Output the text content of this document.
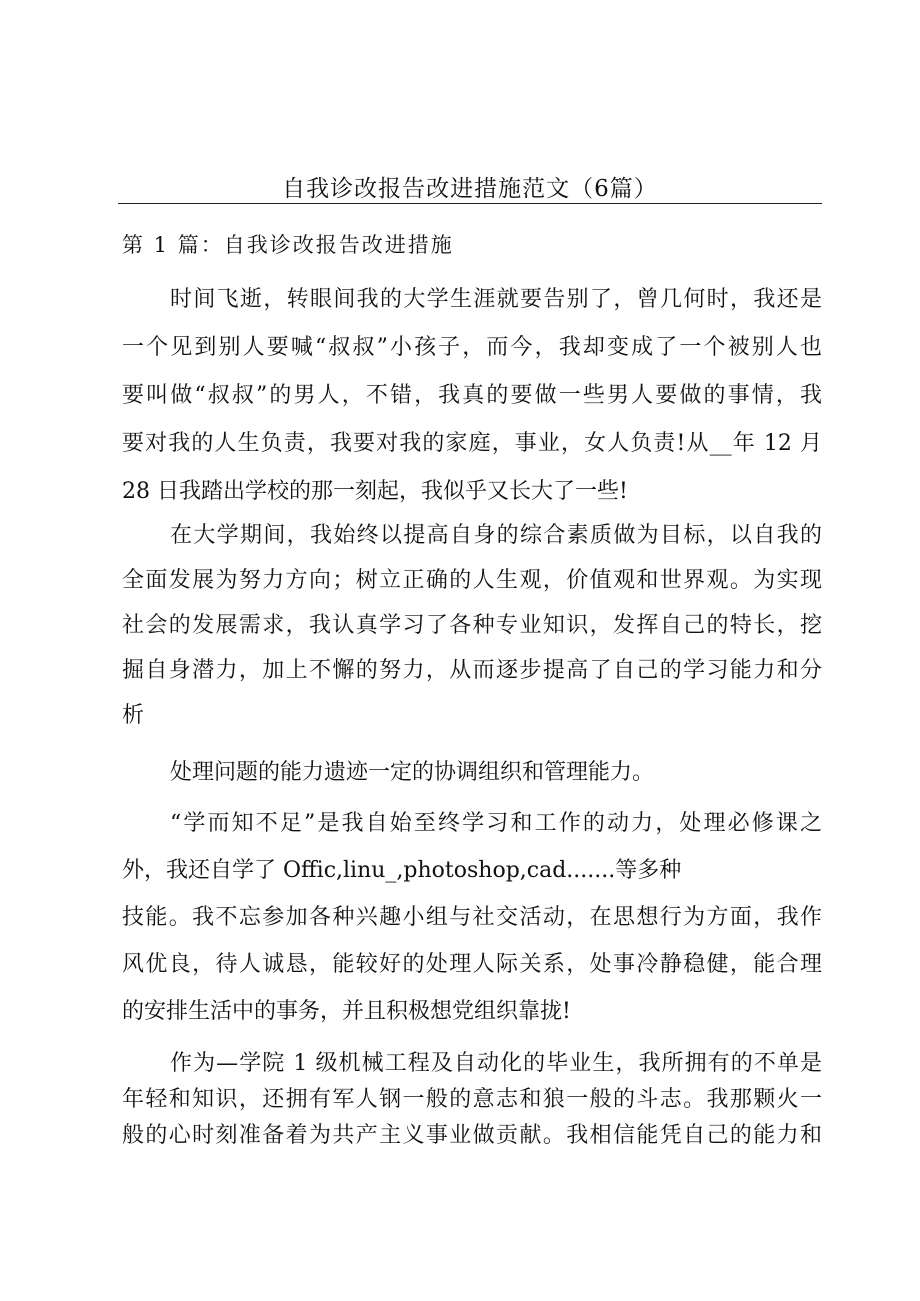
自我诊改报告改进措施范文（6篇）
第 1 篇：自我诊改报告改进措施
时间飞逝，转眼间我的大学生涯就要告别了，曾几何时，我还是
一个见到别人要喊“叔叔”小孩子，而今，我却变成了一个被别人也
要叫做“叔叔”的男人，不错，我真的要做一些男人要做的事情，我
要对我的人生负责，我要对我的家庭，事业，女人负责!从__年 12 月
28 日我踏出学校的那一刻起，我似乎又长大了一些!
在大学期间，我始终以提高自身的综合素质做为目标，以自我的
全面发展为努力方向；树立正确的人生观，价值观和世界观。为实现
社会的发展需求，我认真学习了各种专业知识，发挥自己的特长，挖
掘自身潜力，加上不懈的努力，从而逐步提高了自己的学习能力和分
析
处理问题的能力遗迹一定的协调组织和管理能力。
“学而知不足”是我自始至终学习和工作的动力，处理必修课之
外，我还自学了 Offic,linu_,photoshop,cad.......等多种
技能。我不忘参加各种兴趣小组与社交活动，在思想行为方面，我作
风优良，待人诚恳，能较好的处理人际关系，处事冷静稳健，能合理
的安排生活中的事务，并且积极想党组织靠拢!
作为—学院 1 级机械工程及自动化的毕业生，我所拥有的不单是
年轻和知识，还拥有军人钢一般的意志和狼一般的斗志。我那颗火一
般的心时刻准备着为共产主义事业做贡献。我相信能凭自己的能力和
